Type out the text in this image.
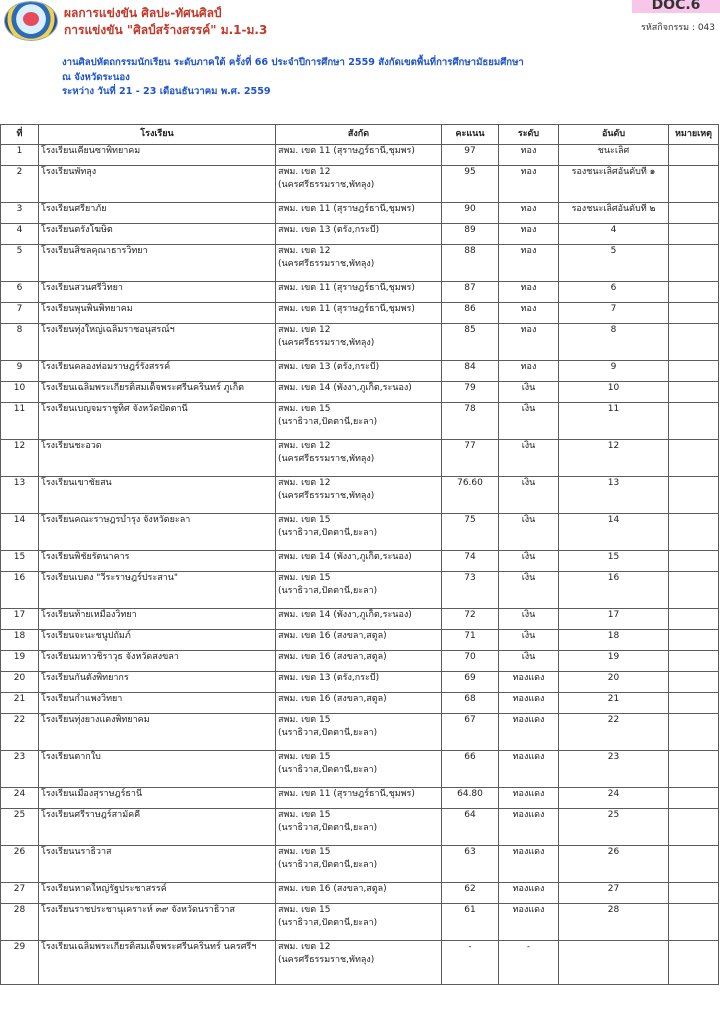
ผลการแข่งขัน ศิลปะ-ทัศนศิลป์
การแข่งขัน "ศิลป์สร้างสรรค์" ม.1-ม.3
DOC.6
รหัสกิจกรรม : 043
งานศิลปหัตถกรรมนักเรียน ระดับภาคใต้ ครั้งที่ 66 ประจำปีการศึกษา 2559 สังกัดเขตพื้นที่การศึกษามัธยมศึกษา
ณ จังหวัดระนอง
ระหว่าง วันที่ 21 - 23 เดือนธันวาคม พ.ศ. 2559
ที่	โรงเรียน	สังกัด	คะแนน	ระดับ	อันดับ	หมายเหตุ
1	โรงเรียนเคียนซาพิทยาคม	สพม. เขต 11 (สุราษฎร์ธานี,ชุมพร)	97	ทอง	ชนะเลิศ	
2	โรงเรียนพัทลุง	สพม. เขต 12
(นครศรีธรรมราช,พัทลุง)	95	ทอง	รองชนะเลิศอันดับที่ ๑	
3	โรงเรียนศรียาภัย	สพม. เขต 11 (สุราษฎร์ธานี,ชุมพร)	90	ทอง	รองชนะเลิศอันดับที่ ๒	
4	โรงเรียนตรังโฆษิต	สพม. เขต 13 (ตรัง,กระบี่)	89	ทอง	4	
5	โรงเรียนสิชลคุณาธารวิทยา	สพม. เขต 12
(นครศรีธรรมราช,พัทลุง)	88	ทอง	5	
6	โรงเรียนสวนศรีวิทยา	สพม. เขต 11 (สุราษฎร์ธานี,ชุมพร)	87	ทอง	6	
7	โรงเรียนพุนพินพิทยาคม	สพม. เขต 11 (สุราษฎร์ธานี,ชุมพร)	86	ทอง	7	
8	โรงเรียนทุ่งใหญ่เฉลิมราชอนุสรณ์ฯ	สพม. เขต 12
(นครศรีธรรมราช,พัทลุง)	85	ทอง	8	
9	โรงเรียนคลองท่อมราษฎร์รังสรรค์	สพม. เขต 13 (ตรัง,กระบี่)	84	ทอง	9	
10	โรงเรียนเฉลิมพระเกียรติสมเด็จพระศรีนครินทร์ ภูเก็ต	สพม. เขต 14 (พังงา,ภูเก็ต,ระนอง)	79	เงิน	10	
11	โรงเรียนเบญจมราชูทิศ จังหวัดปัตตานี	สพม. เขต 15
(นราธิวาส,ปัตตานี,ยะลา)	78	เงิน	11	
12	โรงเรียนชะอวด	สพม. เขต 12
(นครศรีธรรมราช,พัทลุง)	77	เงิน	12	
13	โรงเรียนเขาชัยสน	สพม. เขต 12
(นครศรีธรรมราช,พัทลุง)	76.60	เงิน	13	
14	โรงเรียนคณะราษฎรบำรุง จังหวัดยะลา	สพม. เขต 15
(นราธิวาส,ปัตตานี,ยะลา)	75	เงิน	14	
15	โรงเรียนพิชัยรัตนาคาร	สพม. เขต 14 (พังงา,ภูเก็ต,ระนอง)	74	เงิน	15	
16	โรงเรียนเบตง "วีระราษฎร์ประสาน"	สพม. เขต 15
(นราธิวาส,ปัตตานี,ยะลา)	73	เงิน	16	
17	โรงเรียนท้ายเหมืองวิทยา	สพม. เขต 14 (พังงา,ภูเก็ต,ระนอง)	72	เงิน	17	
18	โรงเรียนจะนะชนูปถัมภ์	สพม. เขต 16 (สงขลา,สตูล)	71	เงิน	18	
19	โรงเรียนมหาวชิราวุธ จังหวัดสงขลา	สพม. เขต 16 (สงขลา,สตูล)	70	เงิน	19	
20	โรงเรียนกันตังพิทยากร	สพม. เขต 13 (ตรัง,กระบี่)	69	ทองแดง	20	
21	โรงเรียนกำแพงวิทยา	สพม. เขต 16 (สงขลา,สตูล)	68	ทองแดง	21	
22	โรงเรียนทุ่งยางแดงพิทยาคม	สพม. เขต 15
(นราธิวาส,ปัตตานี,ยะลา)	67	ทองแดง	22	
23	โรงเรียนตากใบ	สพม. เขต 15
(นราธิวาส,ปัตตานี,ยะลา)	66	ทองแดง	23	
24	โรงเรียนเมืองสุราษฎร์ธานี	สพม. เขต 11 (สุราษฎร์ธานี,ชุมพร)	64.80	ทองแดง	24	
25	โรงเรียนศรีราษฎร์สามัคคี	สพม. เขต 15
(นราธิวาส,ปัตตานี,ยะลา)	64	ทองแดง	25	
26	โรงเรียนนราธิวาส	สพม. เขต 15
(นราธิวาส,ปัตตานี,ยะลา)	63	ทองแดง	26	
27	โรงเรียนหาดใหญ่รัฐประชาสรรค์	สพม. เขต 16 (สงขลา,สตูล)	62	ทองแดง	27	
28	โรงเรียนราชประชานุเคราะห์ ๓๙ จังหวัดนราธิวาส	สพม. เขต 15
(นราธิวาส,ปัตตานี,ยะลา)	61	ทองแดง	28	
29	โรงเรียนเฉลิมพระเกียรติสมเด็จพระศรีนครินทร์ นครศรีฯ	สพม. เขต 12
(นครศรีธรรมราช,พัทลุง)	-	-		
